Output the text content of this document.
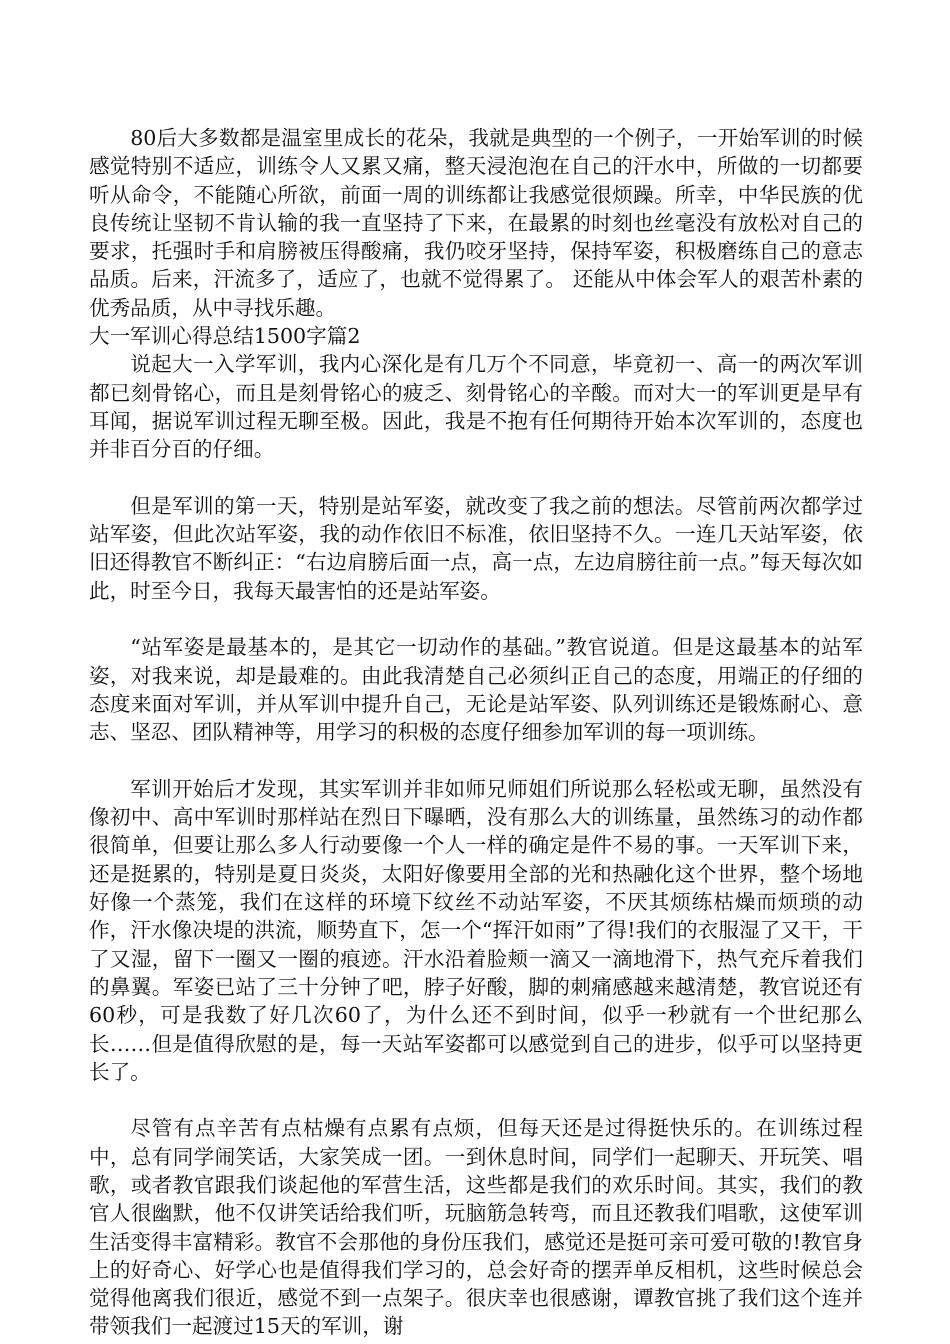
80后大多数都是温室里成长的花朵，我就是典型的一个例子，一开始军训的时候感觉特别不适应，训练令人又累又痛，整天浸泡泡在自己的汗水中，所做的一切都要听从命令，不能随心所欲，前面一周的训练都让我感觉很烦躁。所幸，中华民族的优良传统让坚韧不肯认输的我一直坚持了下来，在最累的时刻也丝毫没有放松对自己的要求，托强时手和肩膀被压得酸痛，我仍咬牙坚持，保持军姿，积极磨练自己的意志品质。后来，汗流多了，适应了，也就不觉得累了。 还能从中体会军人的艰苦朴素的优秀品质，从中寻找乐趣。

大一军训心得总结1500字篇2

说起大一入学军训，我内心深化是有几万个不同意，毕竟初一、高一的两次军训都已刻骨铭心，而且是刻骨铭心的疲乏、刻骨铭心的辛酸。而对大一的军训更是早有耳闻，据说军训过程无聊至极。因此，我是不抱有任何期待开始本次军训的，态度也并非百分百的仔细。

但是军训的第一天，特别是站军姿，就改变了我之前的想法。尽管前两次都学过站军姿，但此次站军姿，我的动作依旧不标准，依旧坚持不久。一连几天站军姿，依旧还得教官不断纠正：“右边肩膀后面一点，高一点，左边肩膀往前一点。”每天每次如此，时至今日，我每天最害怕的还是站军姿。

“站军姿是最基本的，是其它一切动作的基础。”教官说道。但是这最基本的站军姿，对我来说，却是最难的。由此我清楚自己必须纠正自己的态度，用端正的仔细的态度来面对军训，并从军训中提升自己，无论是站军姿、队列训练还是锻炼耐心、意志、坚忍、团队精神等，用学习的积极的态度仔细参加军训的每一项训练。

军训开始后才发现，其实军训并非如师兄师姐们所说那么轻松或无聊，虽然没有像初中、高中军训时那样站在烈日下曝晒，没有那么大的训练量，虽然练习的动作都很简单，但要让那么多人行动要像一个人一样的确定是件不易的事。一天军训下来，还是挺累的，特别是夏日炎炎，太阳好像要用全部的光和热融化这个世界，整个场地好像一个蒸笼，我们在这样的环境下纹丝不动站军姿，不厌其烦练枯燥而烦琐的动作，汗水像决堤的洪流，顺势直下，怎一个“挥汗如雨”了得!我们的衣服湿了又干，干了又湿，留下一圈又一圈的痕迹。汗水沿着脸颊一滴又一滴地滑下，热气充斥着我们的鼻翼。军姿已站了三十分钟了吧，脖子好酸，脚的刺痛感越来越清楚，教官说还有60秒，可是我数了好几次60了，为什么还不到时间，似乎一秒就有一个世纪那么长……但是值得欣慰的是，每一天站军姿都可以感觉到自己的进步，似乎可以坚持更长了。

尽管有点辛苦有点枯燥有点累有点烦，但每天还是过得挺快乐的。在训练过程中，总有同学闹笑话，大家笑成一团。一到休息时间，同学们一起聊天、开玩笑、唱歌，或者教官跟我们谈起他的军营生活，这些都是我们的欢乐时间。其实，我们的教官人很幽默，他不仅讲笑话给我们听，玩脑筋急转弯，而且还教我们唱歌，这使军训生活变得丰富精彩。教官不会那他的身份压我们，感觉还是挺可亲可爱可敬的!教官身上的好奇心、好学心也是值得我们学习的，总会好奇的摆弄单反相机，这些时候总会觉得他离我们很近，感觉不到一点架子。很庆幸也很感谢，谭教官挑了我们这个连并带领我们一起渡过15天的军训，谢
